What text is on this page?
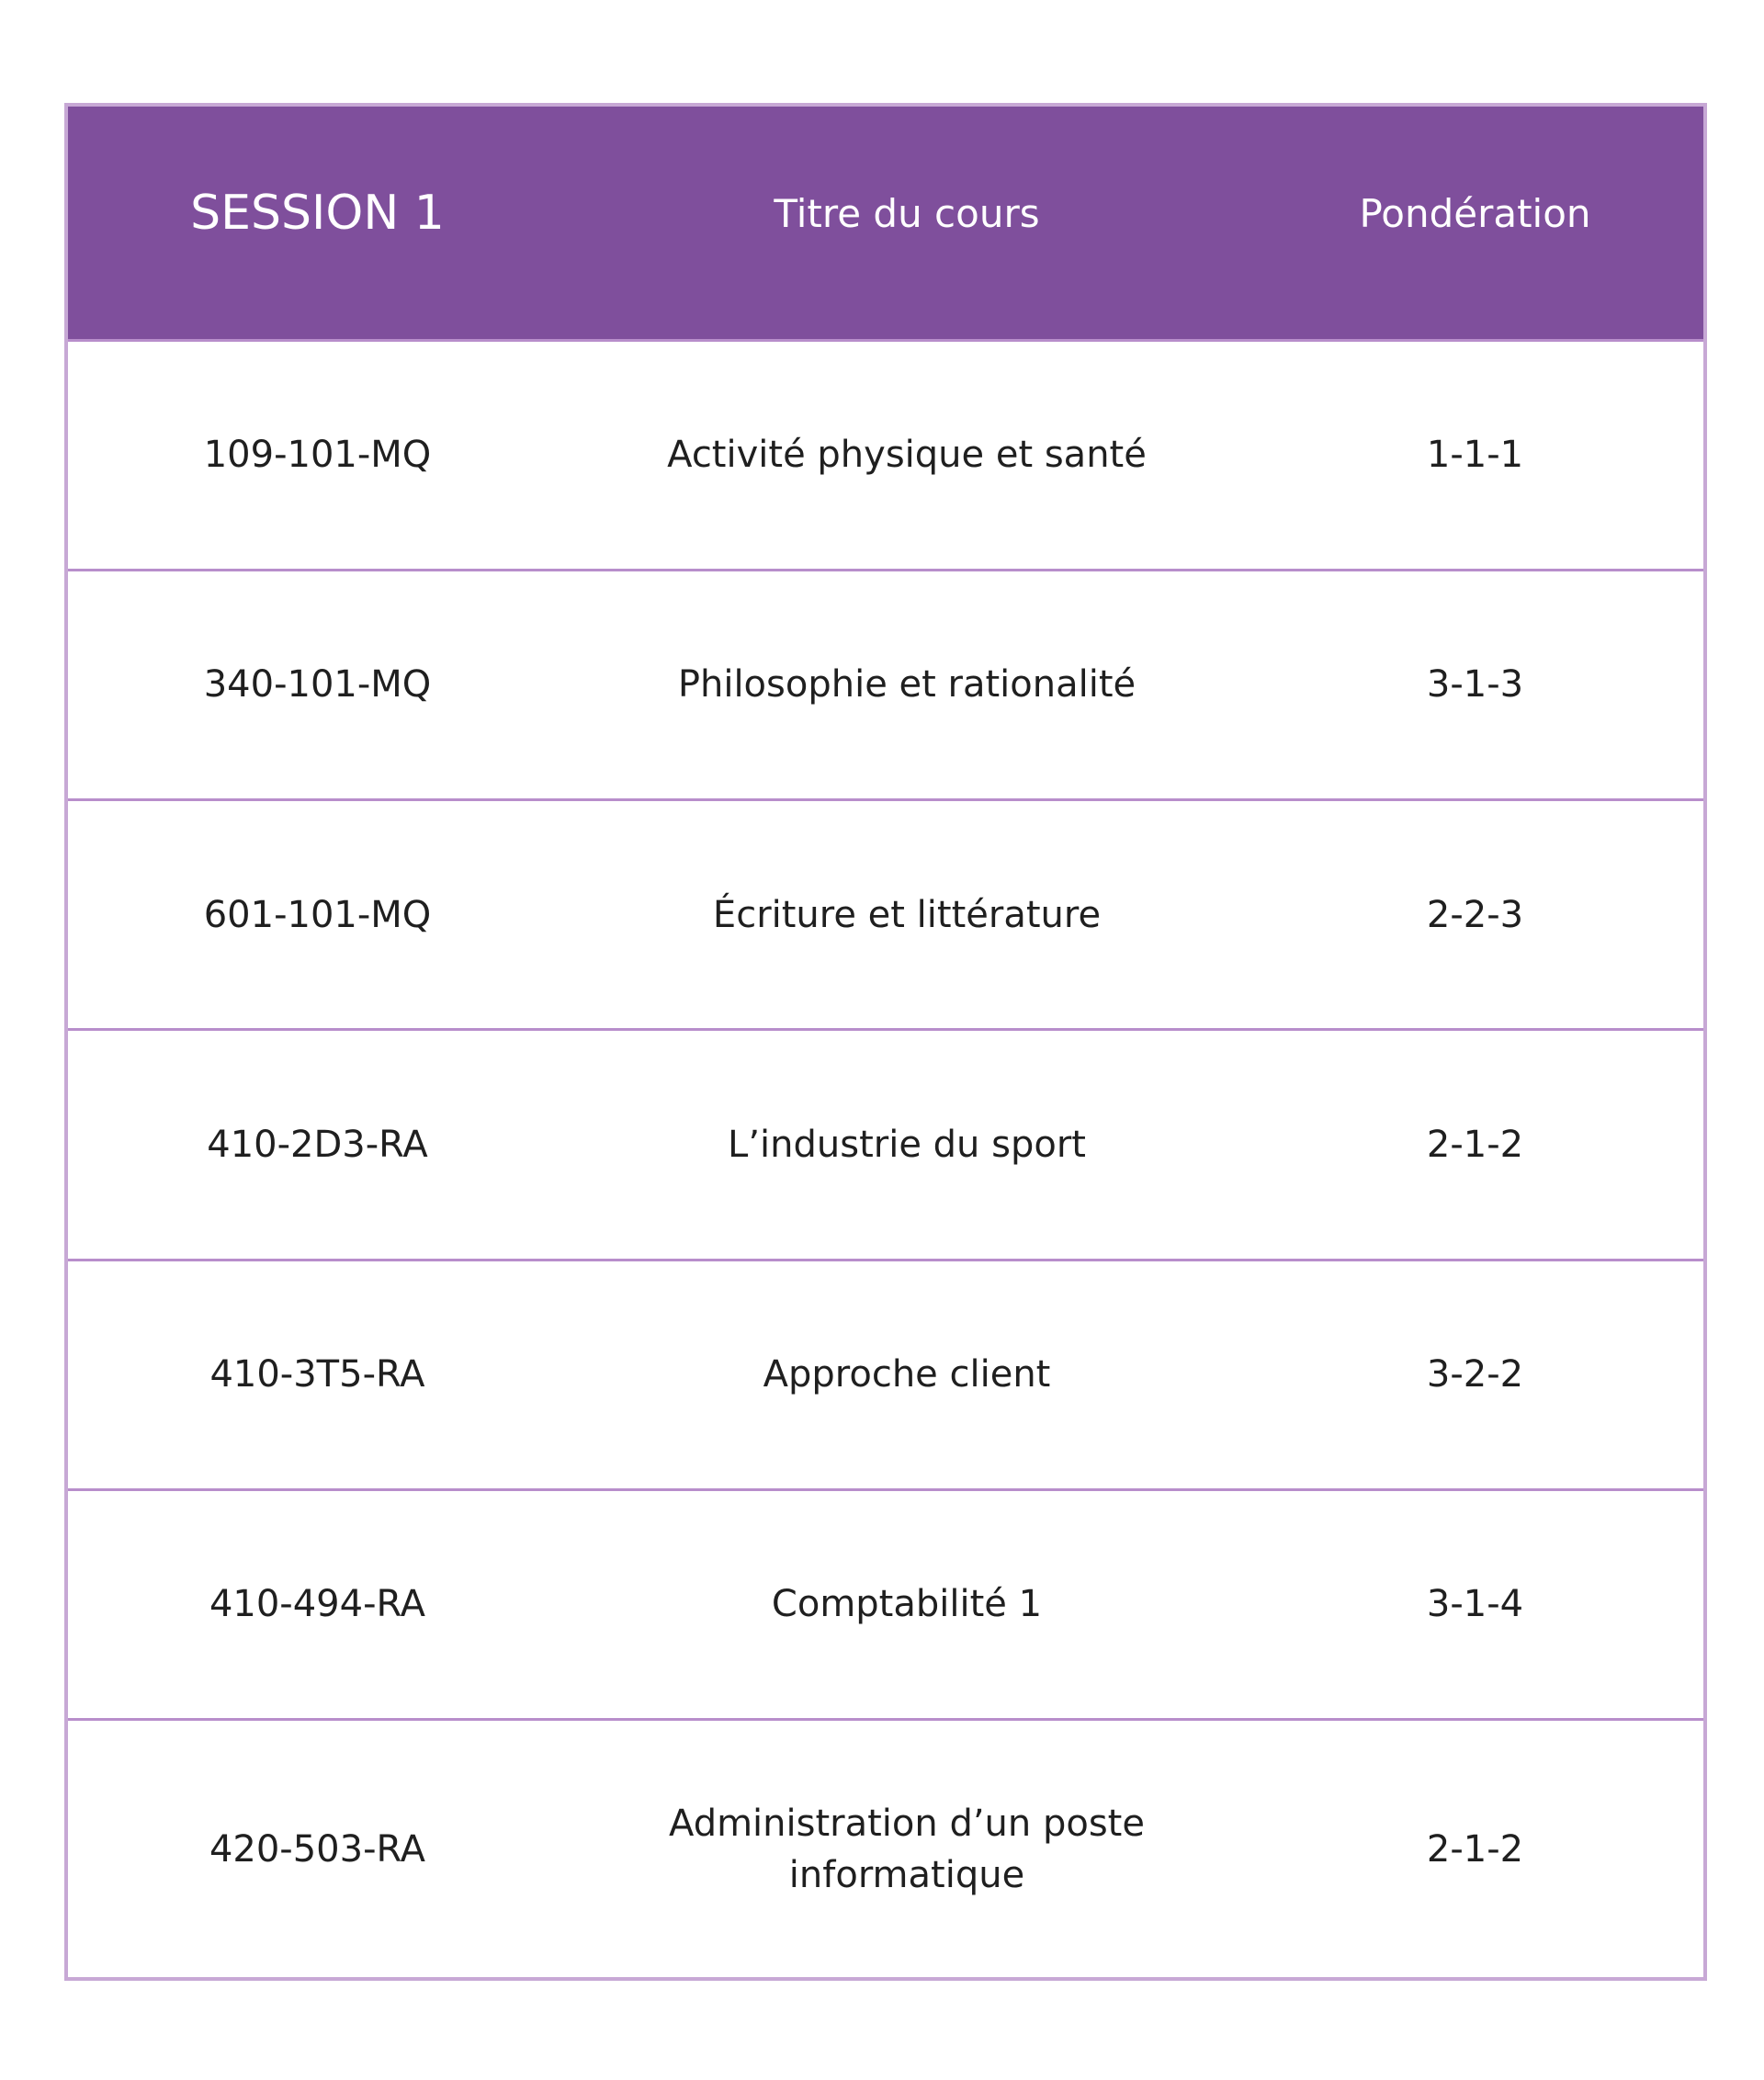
SESSION 1	Titre du cours	Pondération
109-101-MQ	Activité physique et santé	1-1-1
340-101-MQ	Philosophie et rationalité	3-1-3
601-101-MQ	Écriture et littérature	2-2-3
410-2D3-RA	L’industrie du sport	2-1-2
410-3T5-RA	Approche client	3-2-2
410-494-RA	Comptabilité 1	3-1-4
420-503-RA	Administration d’un poste informatique	2-1-2
